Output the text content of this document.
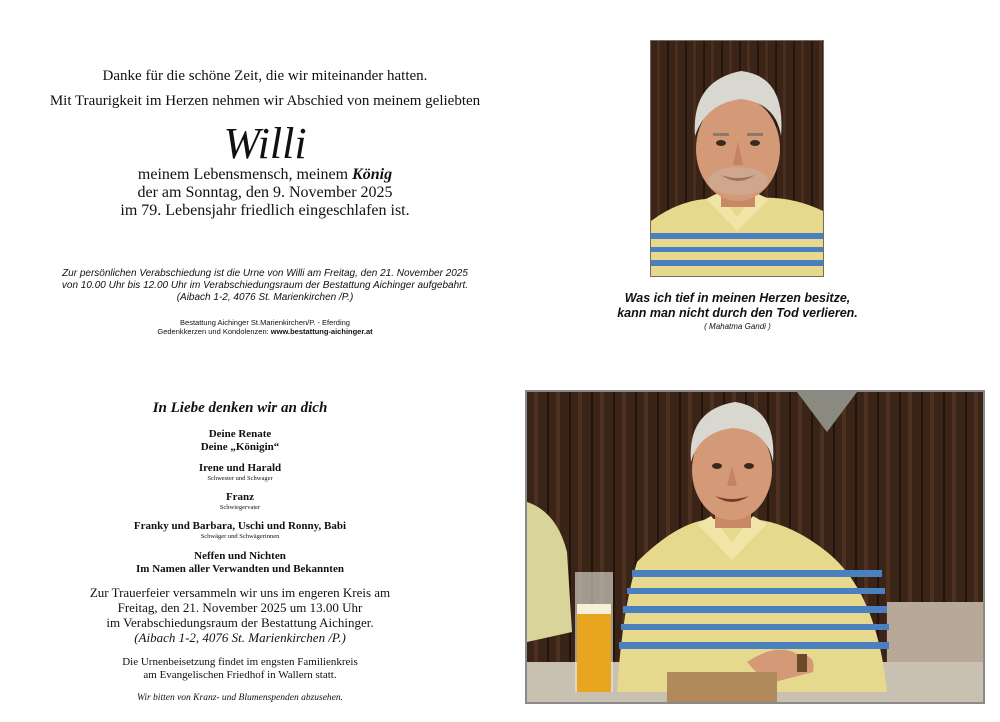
Danke für die schöne Zeit, die wir miteinander hatten.
Mit Traurigkeit im Herzen nehmen wir Abschied von meinem geliebten
Willi
meinem Lebensmensch, meinem König
der am Sonntag, den 9. November 2025
im 79. Lebensjahr friedlich eingeschlafen ist.
Zur persönlichen Verabschiedung ist die Urne von Willi am Freitag, den 21. November 2025
von 10.00 Uhr bis 12.00 Uhr im Verabschiedungsraum der Bestattung Aichinger aufgebahrt.
(Aibach 1-2, 4076 St. Marienkirchen /P.)
Bestattung Aichinger St.Marienkirchen/P. - Eferding
Gedenkkerzen und Kondolenzen: www.bestattung-aichinger.at
Was ich tief in meinen Herzen besitze,
kann man nicht durch den Tod verlieren.
( Mahatma Gandi )
In Liebe denken wir an dich
Deine Renate
Deine „Königin“
Irene und Harald
Schwester und Schwager
Franz
Schwiegervater
Franky und Barbara, Uschi und Ronny, Babi
Schwäger und Schwägerinnen
Neffen und Nichten
Im Namen aller Verwandten und Bekannten
Zur Trauerfeier versammeln wir uns im engeren Kreis am
Freitag, den 21. November 2025 um 13.00 Uhr
im Verabschiedungsraum der Bestattung Aichinger.
(Aibach 1-2, 4076 St. Marienkirchen /P.)
Die Urnenbeisetzung findet im engsten Familienkreis
am Evangelischen Friedhof in Wallern statt.
Wir bitten von Kranz- und Blumenspenden abzusehen.
